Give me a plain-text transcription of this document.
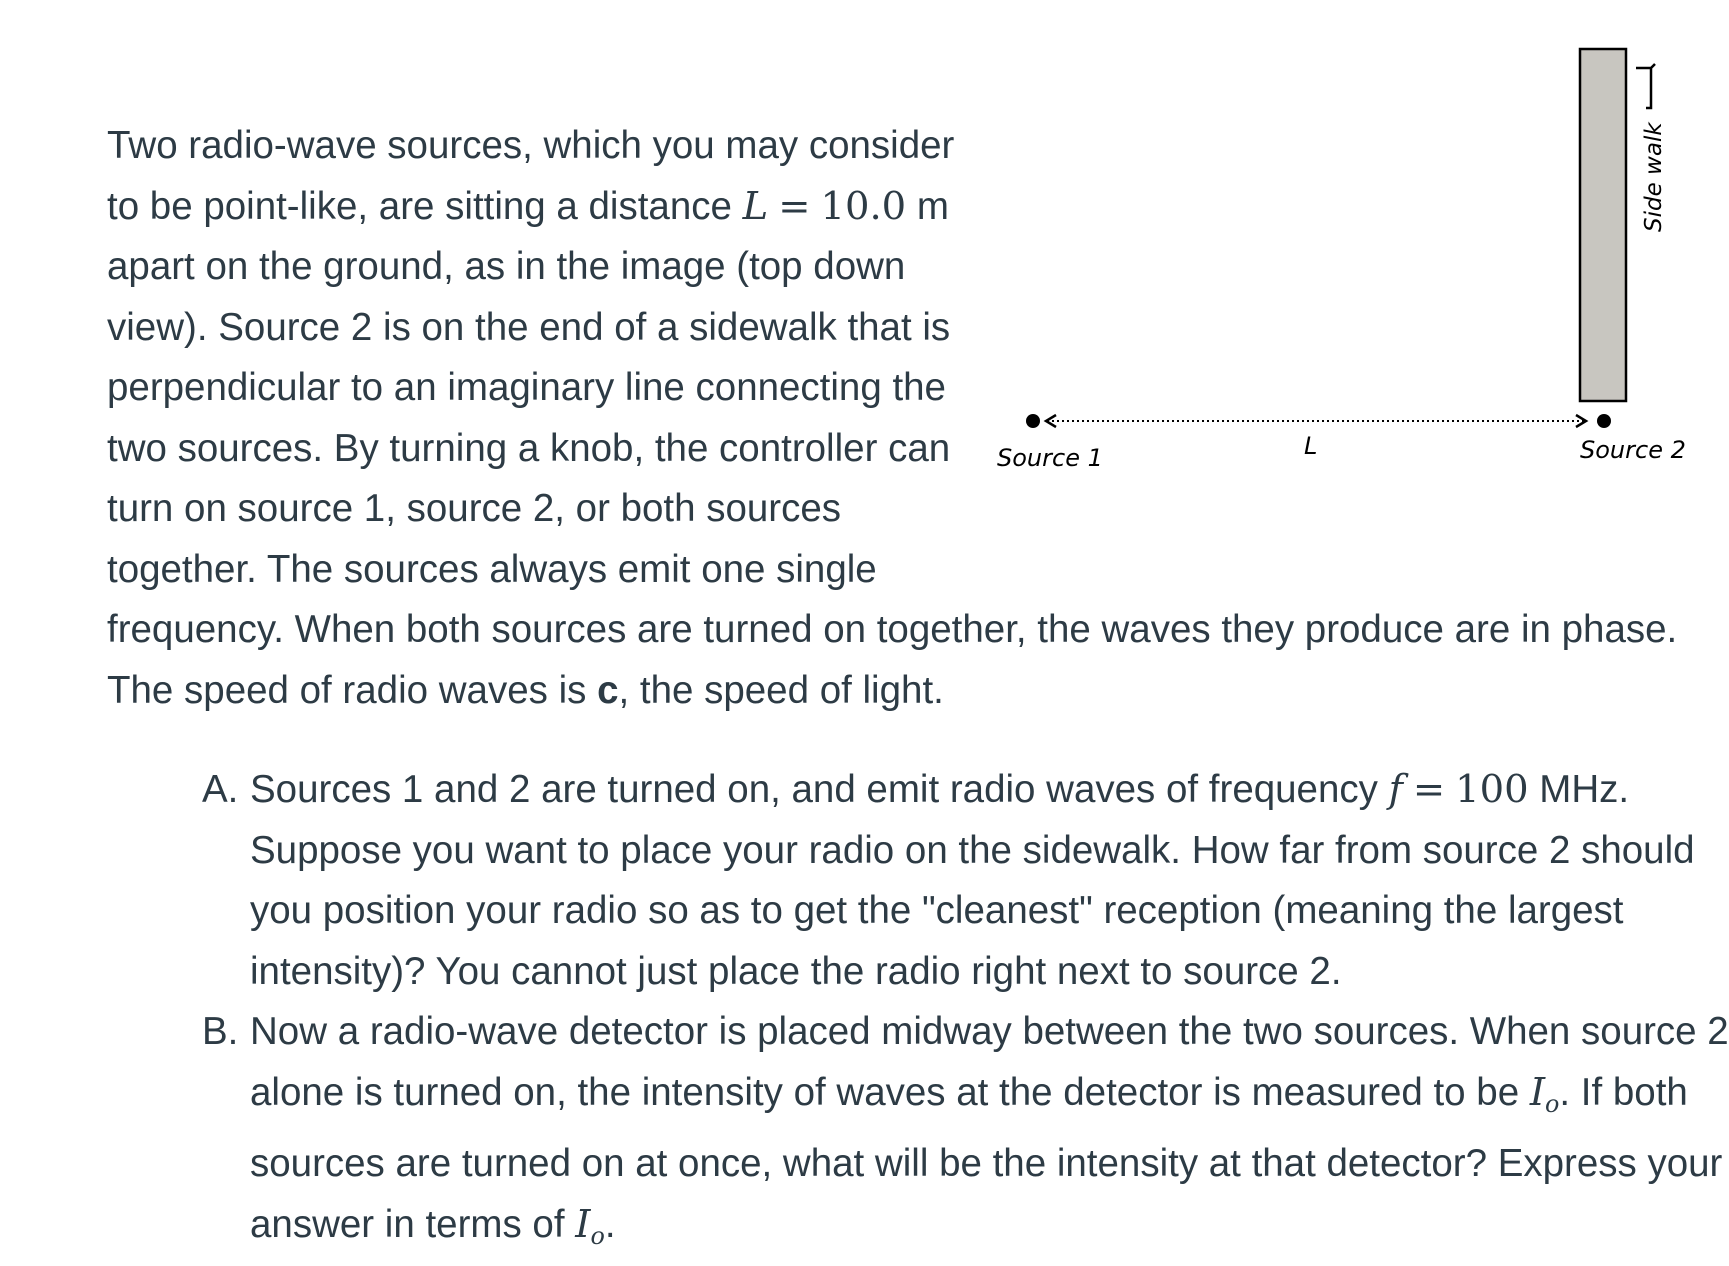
Two radio-wave sources, which you may consider to be point-like, are sitting a distance L = 10.0 m apart on the ground, as in the image (top down view). Source 2 is on the end of a sidewalk that is perpendicular to an imaginary line connecting the two sources. By turning a knob, the controller can turn on source 1, source 2, or both sources together. The sources always emit one single frequency. When both sources are turned on together, the waves they produce are in phase. The speed of radio waves is c, the speed of light.
A. Sources 1 and 2 are turned on, and emit radio waves of frequency f = 100 MHz. Suppose you want to place your radio on the sidewalk. How far from source 2 should you position your radio so as to get the "cleanest" reception (meaning the largest intensity)? You cannot just place the radio right next to source 2.
B. Now a radio-wave detector is placed midway between the two sources. When source 2 alone is turned on, the intensity of waves at the detector is measured to be $I_o$. If both sources are turned on at once, what will be the intensity at that detector? Express your answer in terms of $I_o$.
Side walk
L
Source 1	Source 2
